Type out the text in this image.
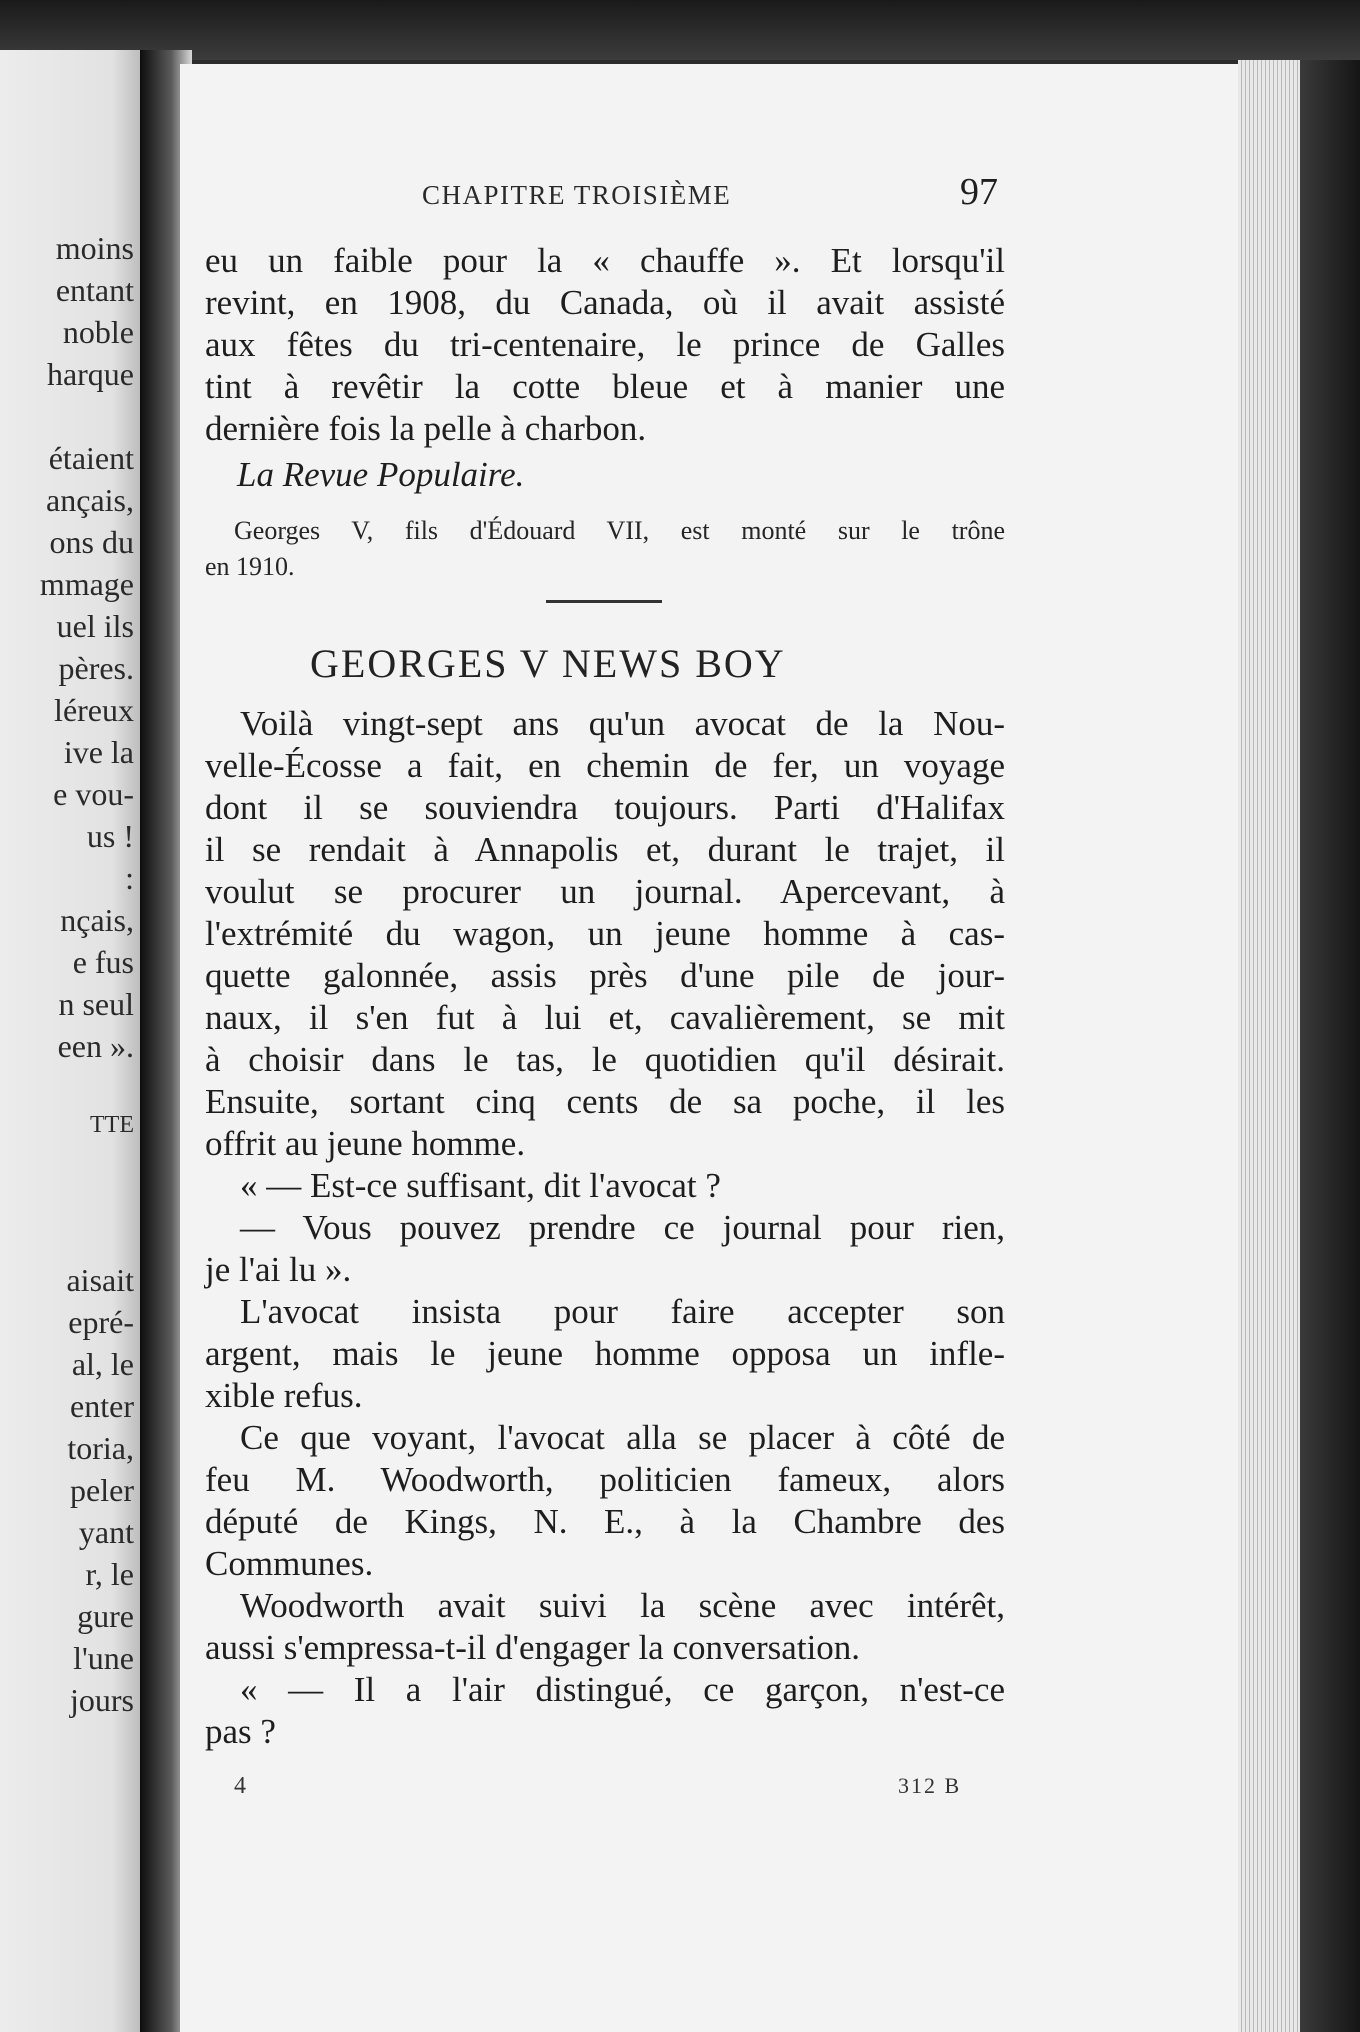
moins
entant
noble
harque
étaient
ançais,
ons du
mmage
uel ils
pères.
léreux
ive la
e vou-
us !
:
nçais,
e fus
n seul
een ».
TTE
aisait
epré-
al, le
enter
toria,
peler
yant
r, le
gure
l'une
jours
CHAPITRE TROISIÈME	97
eu un faible pour la « chauffe ». Et lorsqu'il
revint, en 1908, du Canada, où il avait assisté
aux fêtes du tri-centenaire, le prince de Galles
tint à revêtir la cotte bleue et à manier une
dernière fois la pelle à charbon.
La Revue Populaire.
Georges V, fils d'Édouard VII, est monté sur le trône
en 1910.
GEORGES V NEWS BOY
Voilà vingt-sept ans qu'un avocat de la Nou-
velle-Écosse a fait, en chemin de fer, un voyage
dont il se souviendra toujours. Parti d'Halifax
il se rendait à Annapolis et, durant le trajet, il
voulut se procurer un journal. Apercevant, à
l'extrémité du wagon, un jeune homme à cas-
quette galonnée, assis près d'une pile de jour-
naux, il s'en fut à lui et, cavalièrement, se mit
à choisir dans le tas, le quotidien qu'il désirait.
Ensuite, sortant cinq cents de sa poche, il les
offrit au jeune homme.
« — Est-ce suffisant, dit l'avocat ?
— Vous pouvez prendre ce journal pour rien,
je l'ai lu ».
L'avocat insista pour faire accepter son
argent, mais le jeune homme opposa un infle-
xible refus.
Ce que voyant, l'avocat alla se placer à côté de
feu M. Woodworth, politicien fameux, alors
député de Kings, N. E., à la Chambre des
Communes.
Woodworth avait suivi la scène avec intérêt,
aussi s'empressa-t-il d'engager la conversation.
« — Il a l'air distingué, ce garçon, n'est-ce
pas ?
4	312 B
